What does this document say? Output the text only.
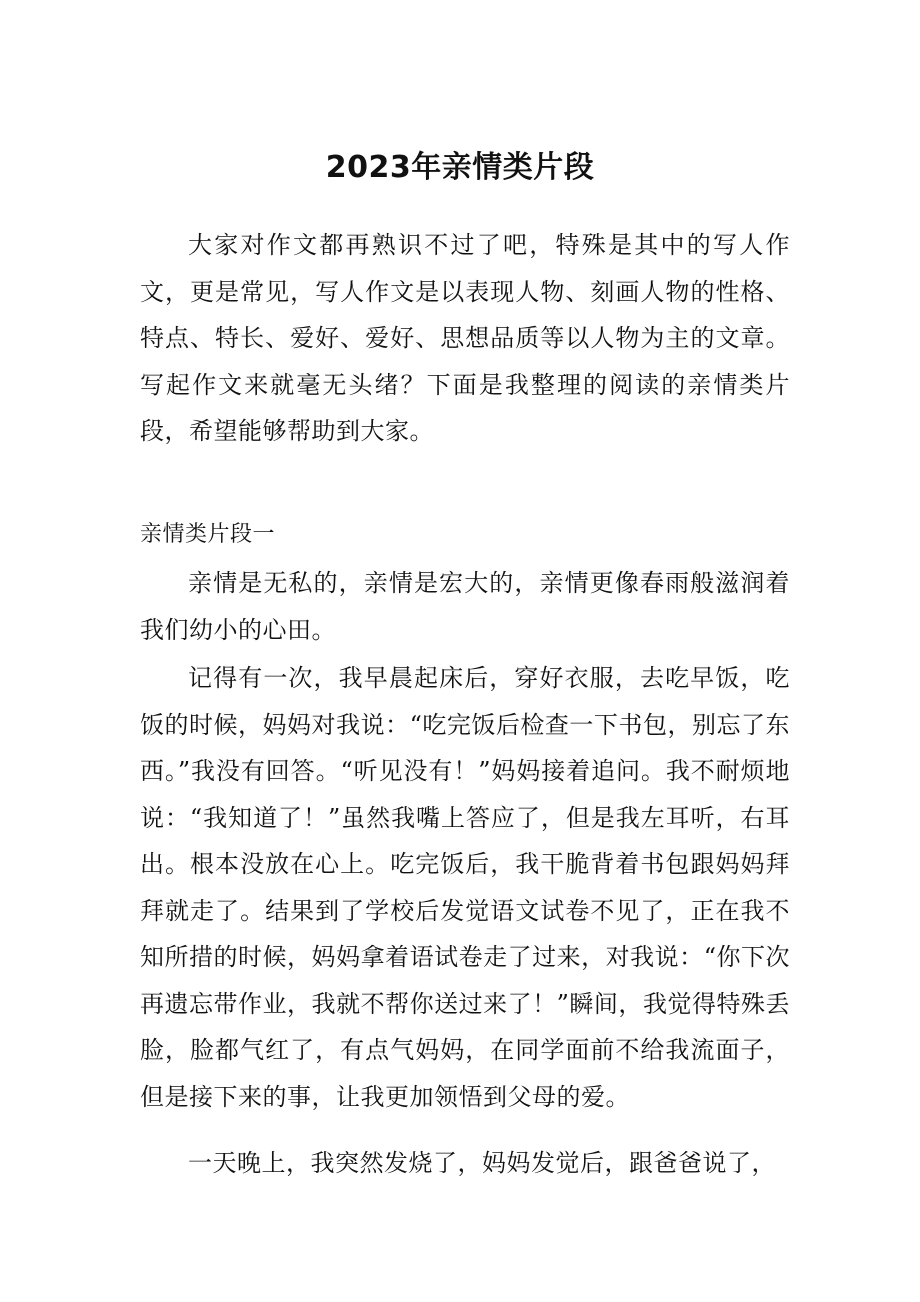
2023年亲情类片段

大家对作文都再熟识不过了吧，特殊是其中的写人作文，更是常见，写人作文是以表现人物、刻画人物的性格、特点、特长、爱好、爱好、思想品质等以人物为主的文章。写起作文来就毫无头绪？下面是我整理的阅读的亲情类片段，希望能够帮助到大家。

亲情类片段一

亲情是无私的，亲情是宏大的，亲情更像春雨般滋润着我们幼小的心田。

记得有一次，我早晨起床后，穿好衣服，去吃早饭，吃饭的时候，妈妈对我说：“吃完饭后检查一下书包，别忘了东西。”我没有回答。“听见没有！”妈妈接着追问。我不耐烦地说：“我知道了！”虽然我嘴上答应了，但是我左耳听，右耳出。根本没放在心上。吃完饭后，我干脆背着书包跟妈妈拜拜就走了。结果到了学校后发觉语文试卷不见了，正在我不知所措的时候，妈妈拿着语试卷走了过来，对我说：“你下次再遗忘带作业，我就不帮你送过来了！”瞬间，我觉得特殊丢脸，脸都气红了，有点气妈妈，在同学面前不给我流面子，但是接下来的事，让我更加领悟到父母的爱。

一天晚上，我突然发烧了，妈妈发觉后，跟爸爸说了，
